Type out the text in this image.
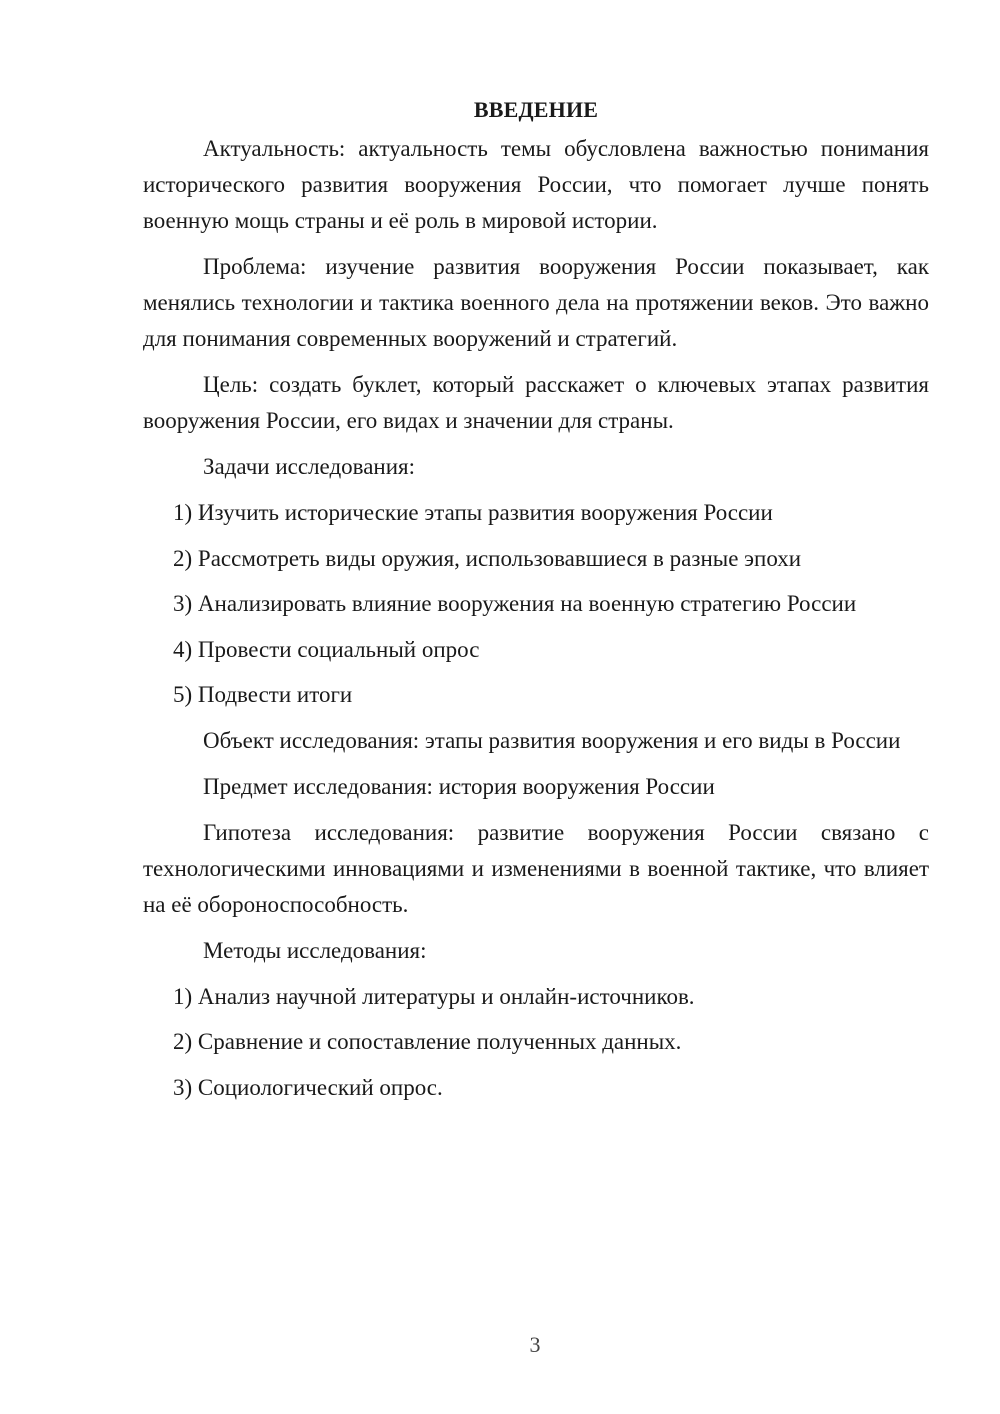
ВВЕДЕНИЕ

Актуальность: актуальность темы обусловлена важностью понимания исторического развития вооружения России, что помогает лучше понять военную мощь страны и её роль в мировой истории.

Проблема: изучение развития вооружения России показывает, как менялись технологии и тактика военного дела на протяжении веков. Это важно для понимания современных вооружений и стратегий.

Цель: создать буклет, который расскажет о ключевых этапах развития вооружения России, его видах и значении для страны.

Задачи исследования:
1) Изучить исторические этапы развития вооружения России
2) Рассмотреть виды оружия, использовавшиеся в разные эпохи
3) Анализировать влияние вооружения на военную стратегию России
4) Провести социальный опрос
5) Подвести итоги

Объект исследования: этапы развития вооружения и его виды в России

Предмет исследования: история вооружения России

Гипотеза исследования: развитие вооружения России связано с технологическими инновациями и изменениями в военной тактике, что влияет на её обороноспособность.

Методы исследования:
1) Анализ научной литературы и онлайн-источников.
2) Сравнение и сопоставление полученных данных.
3) Социологический опрос.
3
